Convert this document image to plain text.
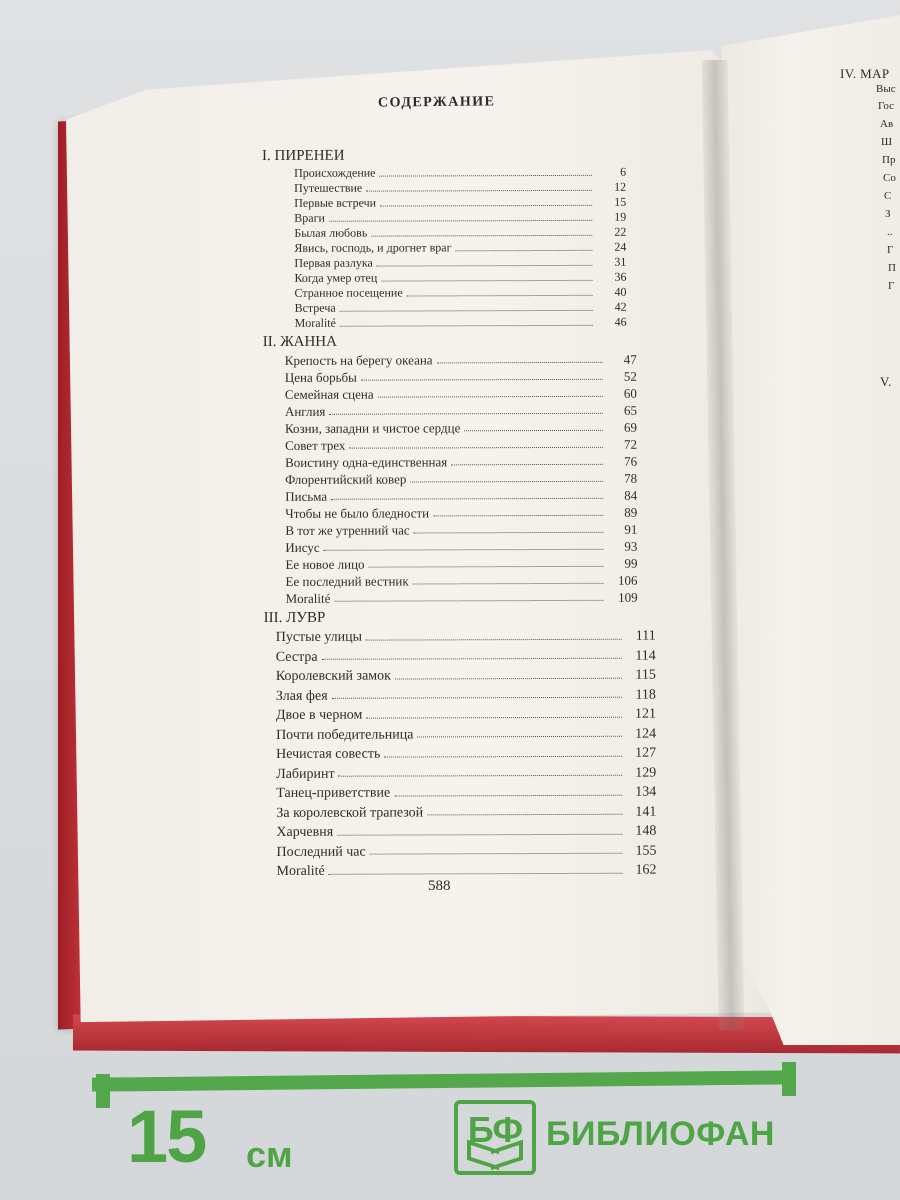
СОДЕРЖАНИЕ
I. ПИРЕНЕИ
Происхождение	6
Путешествие	12
Первые встречи	15
Враги	19
Былая любовь	22
Явись, господь, и дрогнет враг	24
Первая разлука	31
Когда умер отец	36
Странное посещение	40
Встреча	42
Moralité	46
II. ЖАННА
Крепость на берегу океана	47
Цена борьбы	52
Семейная сцена	60
Англия	65
Козни, западни и чистое сердце	69
Совет трех	72
Воистину одна-единственная	76
Флорентийский ковер	78
Письма	84
Чтобы не было бледности	89
В тот же утренний час	91
Иисус	93
Ее новое лицо	99
Ее последний вестник	106
Moralité	109
III. ЛУВР
Пустые улицы	111
Сестра	114
Королевский замок	115
Злая фея	118
Двое в черном	121
Почти победительница	124
Нечистая совесть	127
Лабиринт	129
Танец-приветствие	134
За королевской трапезой	141
Харчевня	148
Последний час	155
Moralité	162
588
IV. МАР
Выс
Гос
Ав
Ш
Пр
Со
С
З
..
Г
П
Г
V.
15 см
БФ БИБЛИОФАН
